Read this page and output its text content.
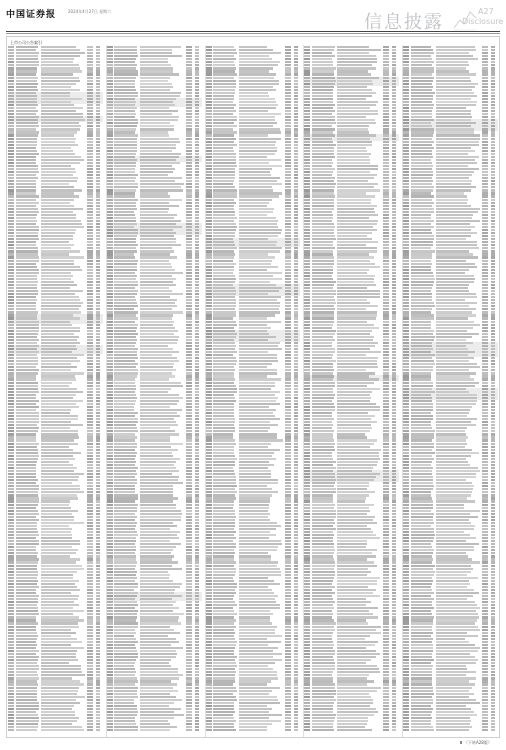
中国证券报	2024年4月27日 星期六
信息披露
A27
Disclosure
上市公司公告索引
（下转A28版）
